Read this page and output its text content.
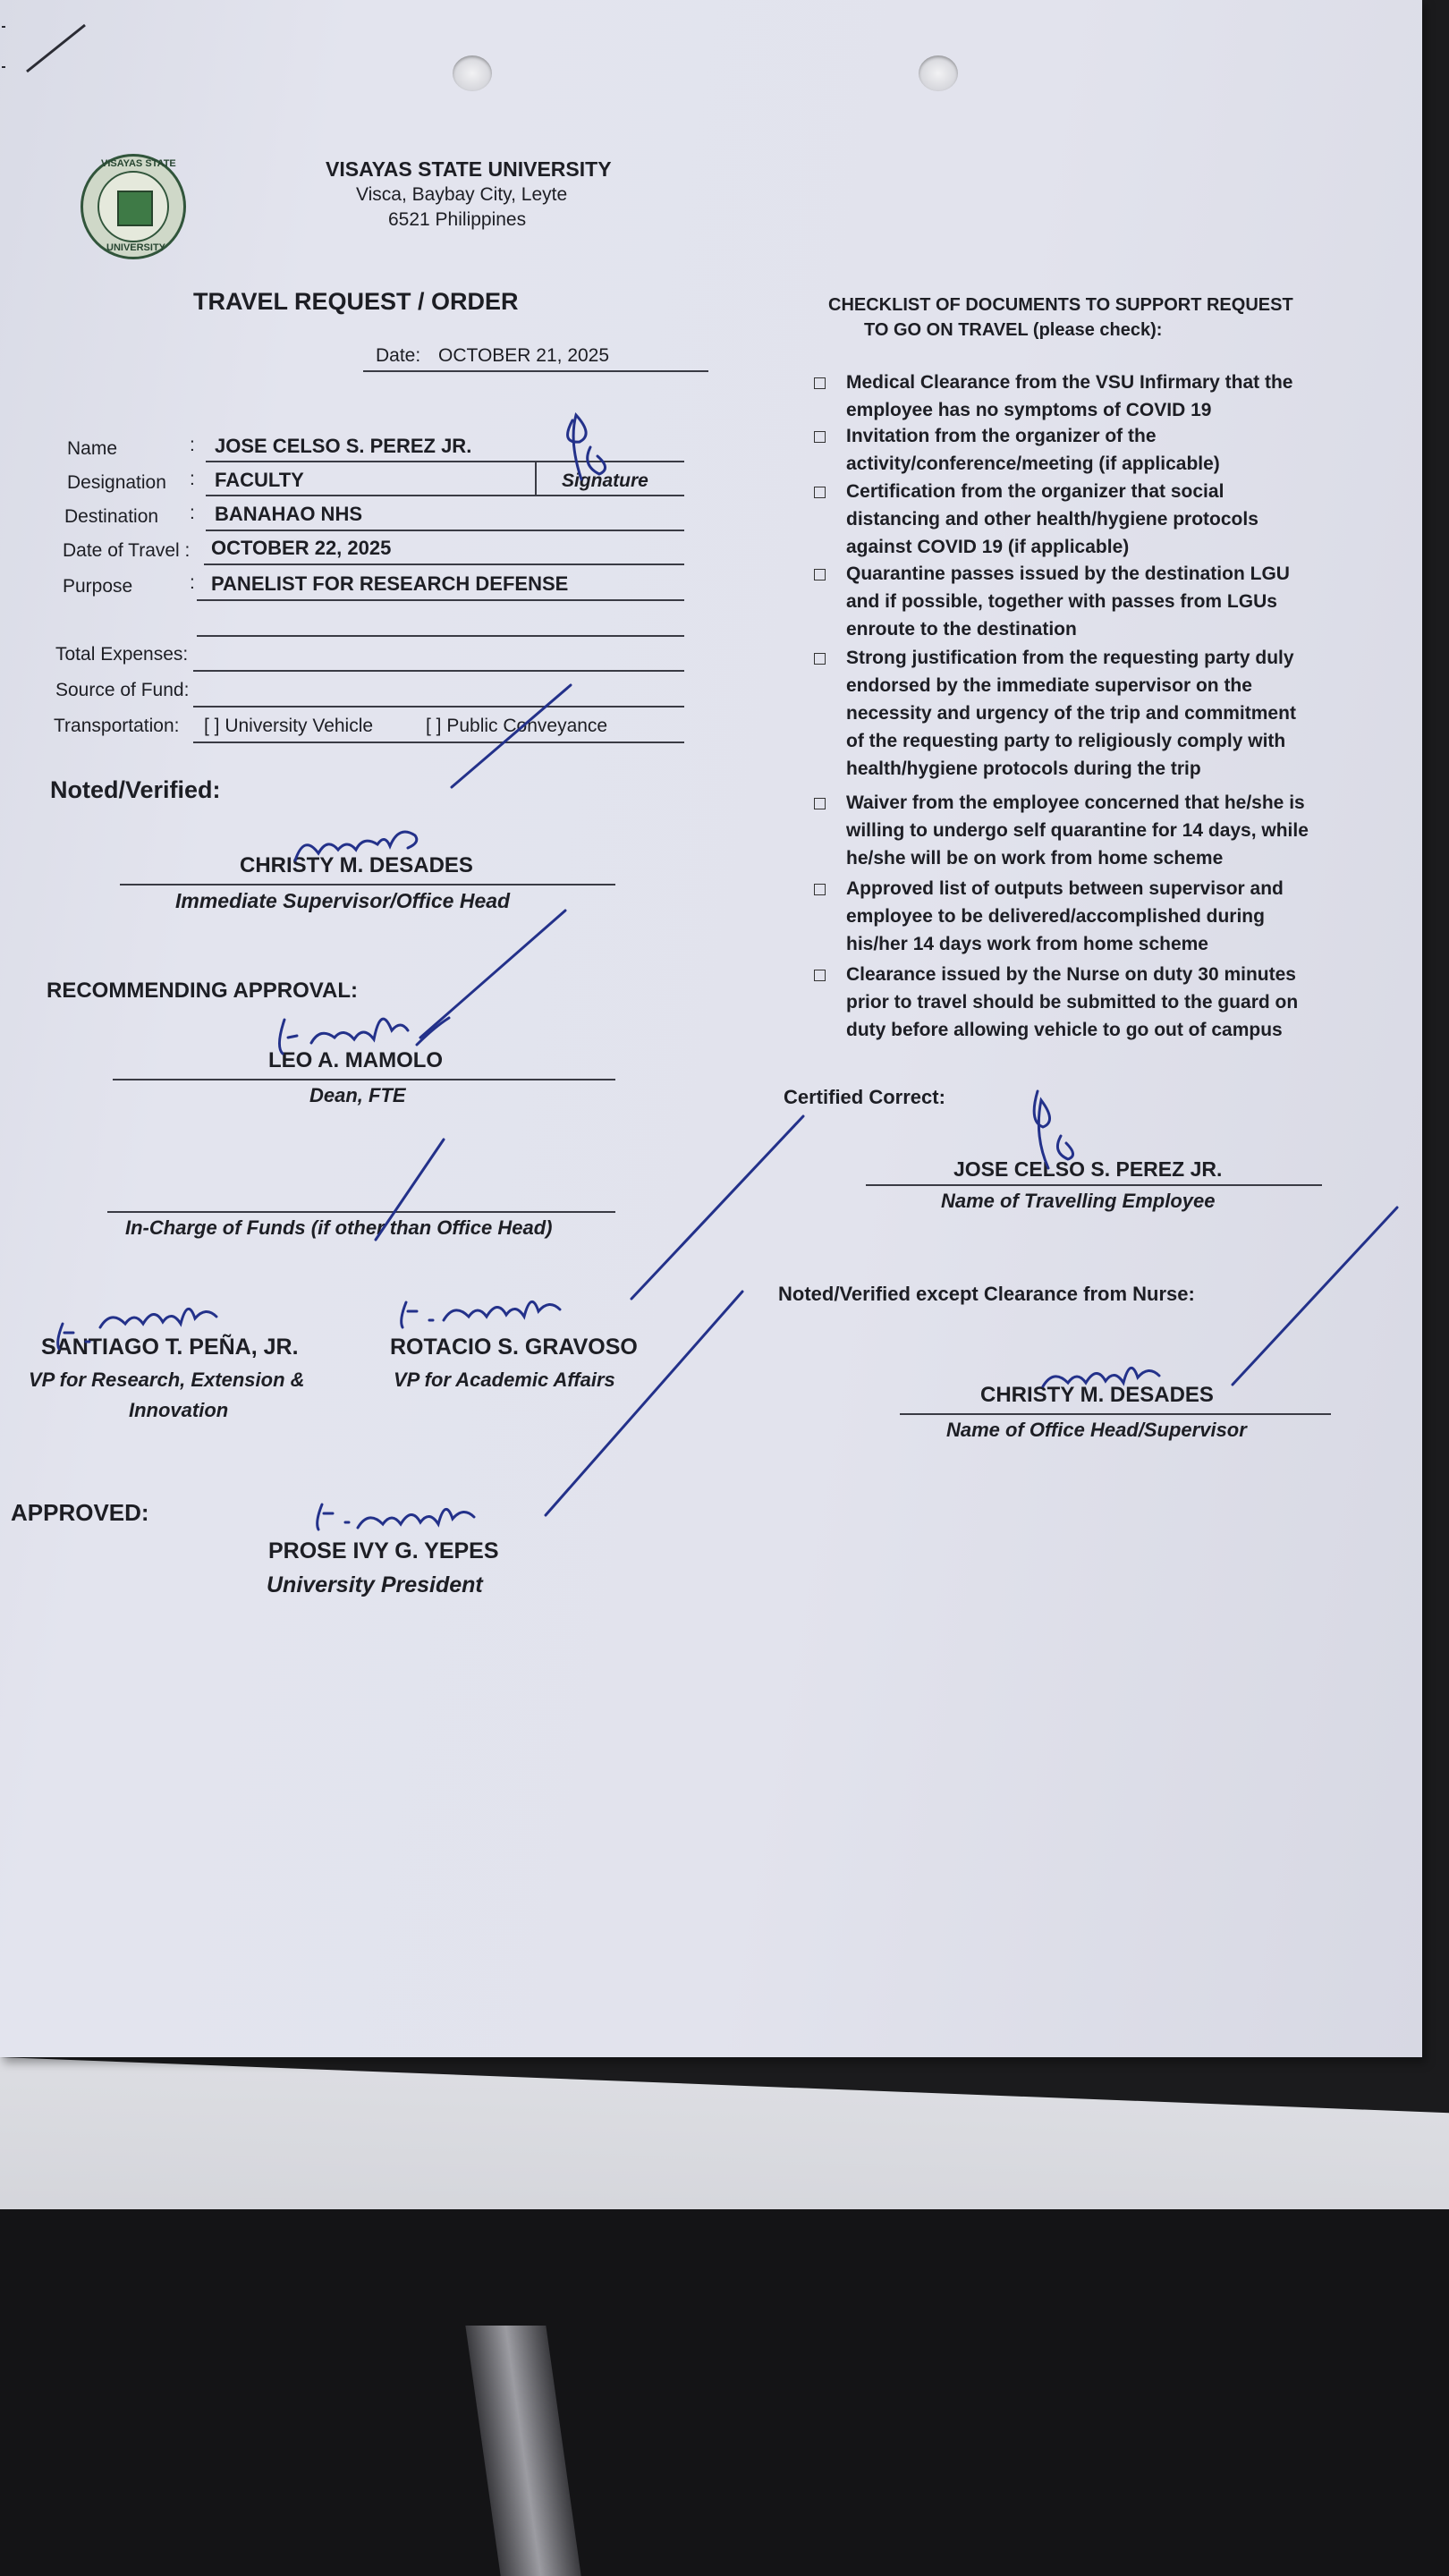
VISAYAS STATE
UNIVERSITY
VISAYAS STATE UNIVERSITY
Visca, Baybay City, Leyte
6521 Philippines
TRAVEL REQUEST / ORDER
Date: OCTOBER 21, 2025
Name	: JOSE CELSO S. PEREZ JR.
Designation : FACULTY	Signature
Destination : BANAHAO NHS
Date of Travel : OCTOBER 22, 2025
Purpose	: PANELIST FOR RESEARCH DEFENSE
Total Expenses:
Source of Fund:
Transportation: [ ] University Vehicle	[ ] Public Conveyance
Noted/Verified:
CHRISTY M. DESADES
Immediate Supervisor/Office Head
RECOMMENDING APPROVAL:
LEO A. MAMOLO
Dean, FTE
In-Charge of Funds (if other than Office Head)
SANTIAGO T. PEÑA, JR.
VP for Research, Extension &
Innovation
ROTACIO S. GRAVOSO
VP for Academic Affairs
APPROVED:
PROSE IVY G. YEPES
University President
CHECKLIST OF DOCUMENTS TO SUPPORT REQUEST
TO GO ON TRAVEL (please check):
Medical Clearance from the VSU Infirmary that the
employee has no symptoms of COVID 19
Invitation from the organizer of the
activity/conference/meeting (if applicable)
Certification from the organizer that social
distancing and other health/hygiene protocols
against COVID 19 (if applicable)
Quarantine passes issued by the destination LGU
and if possible, together with passes from LGUs
enroute to the destination
Strong justification from the requesting party duly
endorsed by the immediate supervisor on the
necessity and urgency of the trip and commitment
of the requesting party to religiously comply with
health/hygiene protocols during the trip
Waiver from the employee concerned that he/she is
willing to undergo self quarantine for 14 days, while
he/she will be on work from home scheme
Approved list of outputs between supervisor and
employee to be delivered/accomplished during
his/her 14 days work from home scheme
Clearance issued by the Nurse on duty 30 minutes
prior to travel should be submitted to the guard on
duty before allowing vehicle to go out of campus
Certified Correct:
JOSE CELSO S. PEREZ JR.
Name of Travelling Employee
Noted/Verified except Clearance from Nurse:
CHRISTY M. DESADES
Name of Office Head/Supervisor
